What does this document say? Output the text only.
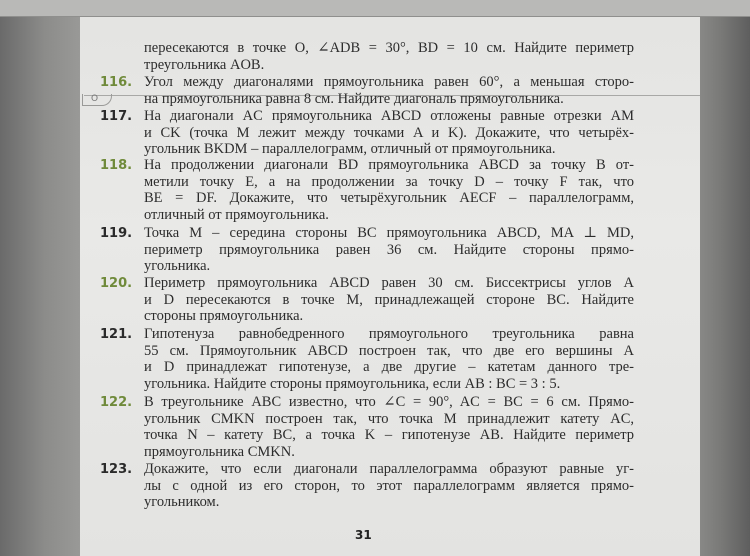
O
пересекаются в точке O, ∠ADB = 30°, BD = 10 см. Найдите периметр
треугольника AOB.
116. Угол между диагоналями прямоугольника равен 60°, а меньшая сторо-
на прямоугольника равна 8 см. Найдите диагональ прямоугольника.
117. На диагонали AC прямоугольника ABCD отложены равные отрезки AM
и CK (точка M лежит между точками A и K). Докажите, что четырёх-
угольник BKDM – параллелограмм, отличный от прямоугольника.
118. На продолжении диагонали BD прямоугольника ABCD за точку B от-
метили точку E, а на продолжении за точку D – точку F так, что
BE = DF. Докажите, что четырёхугольник AECF – параллелограмм,
отличный от прямоугольника.
119. Точка M – середина стороны BC прямоугольника ABCD, MA ⊥ MD,
периметр прямоугольника равен 36 см. Найдите стороны прямо-
угольника.
120. Периметр прямоугольника ABCD равен 30 см. Биссектрисы углов A
и D пересекаются в точке M, принадлежащей стороне BC. Найдите
стороны прямоугольника.
121. Гипотенуза равнобедренного прямоугольного треугольника равна
55 см. Прямоугольник ABCD построен так, что две его вершины A
и D принадлежат гипотенузе, а две другие – катетам данного тре-
угольника. Найдите стороны прямоугольника, если AB : BC = 3 : 5.
122. В треугольнике ABC известно, что ∠C = 90°, AC = BC = 6 см. Прямо-
угольник CMKN построен так, что точка M принадлежит катету AC,
точка N – катету BC, а точка K – гипотенузе AB. Найдите периметр
прямоугольника CMKN.
123. Докажите, что если диагонали параллелограмма образуют равные уг-
лы с одной из его сторон, то этот параллелограмм является прямо-
угольником.
31
